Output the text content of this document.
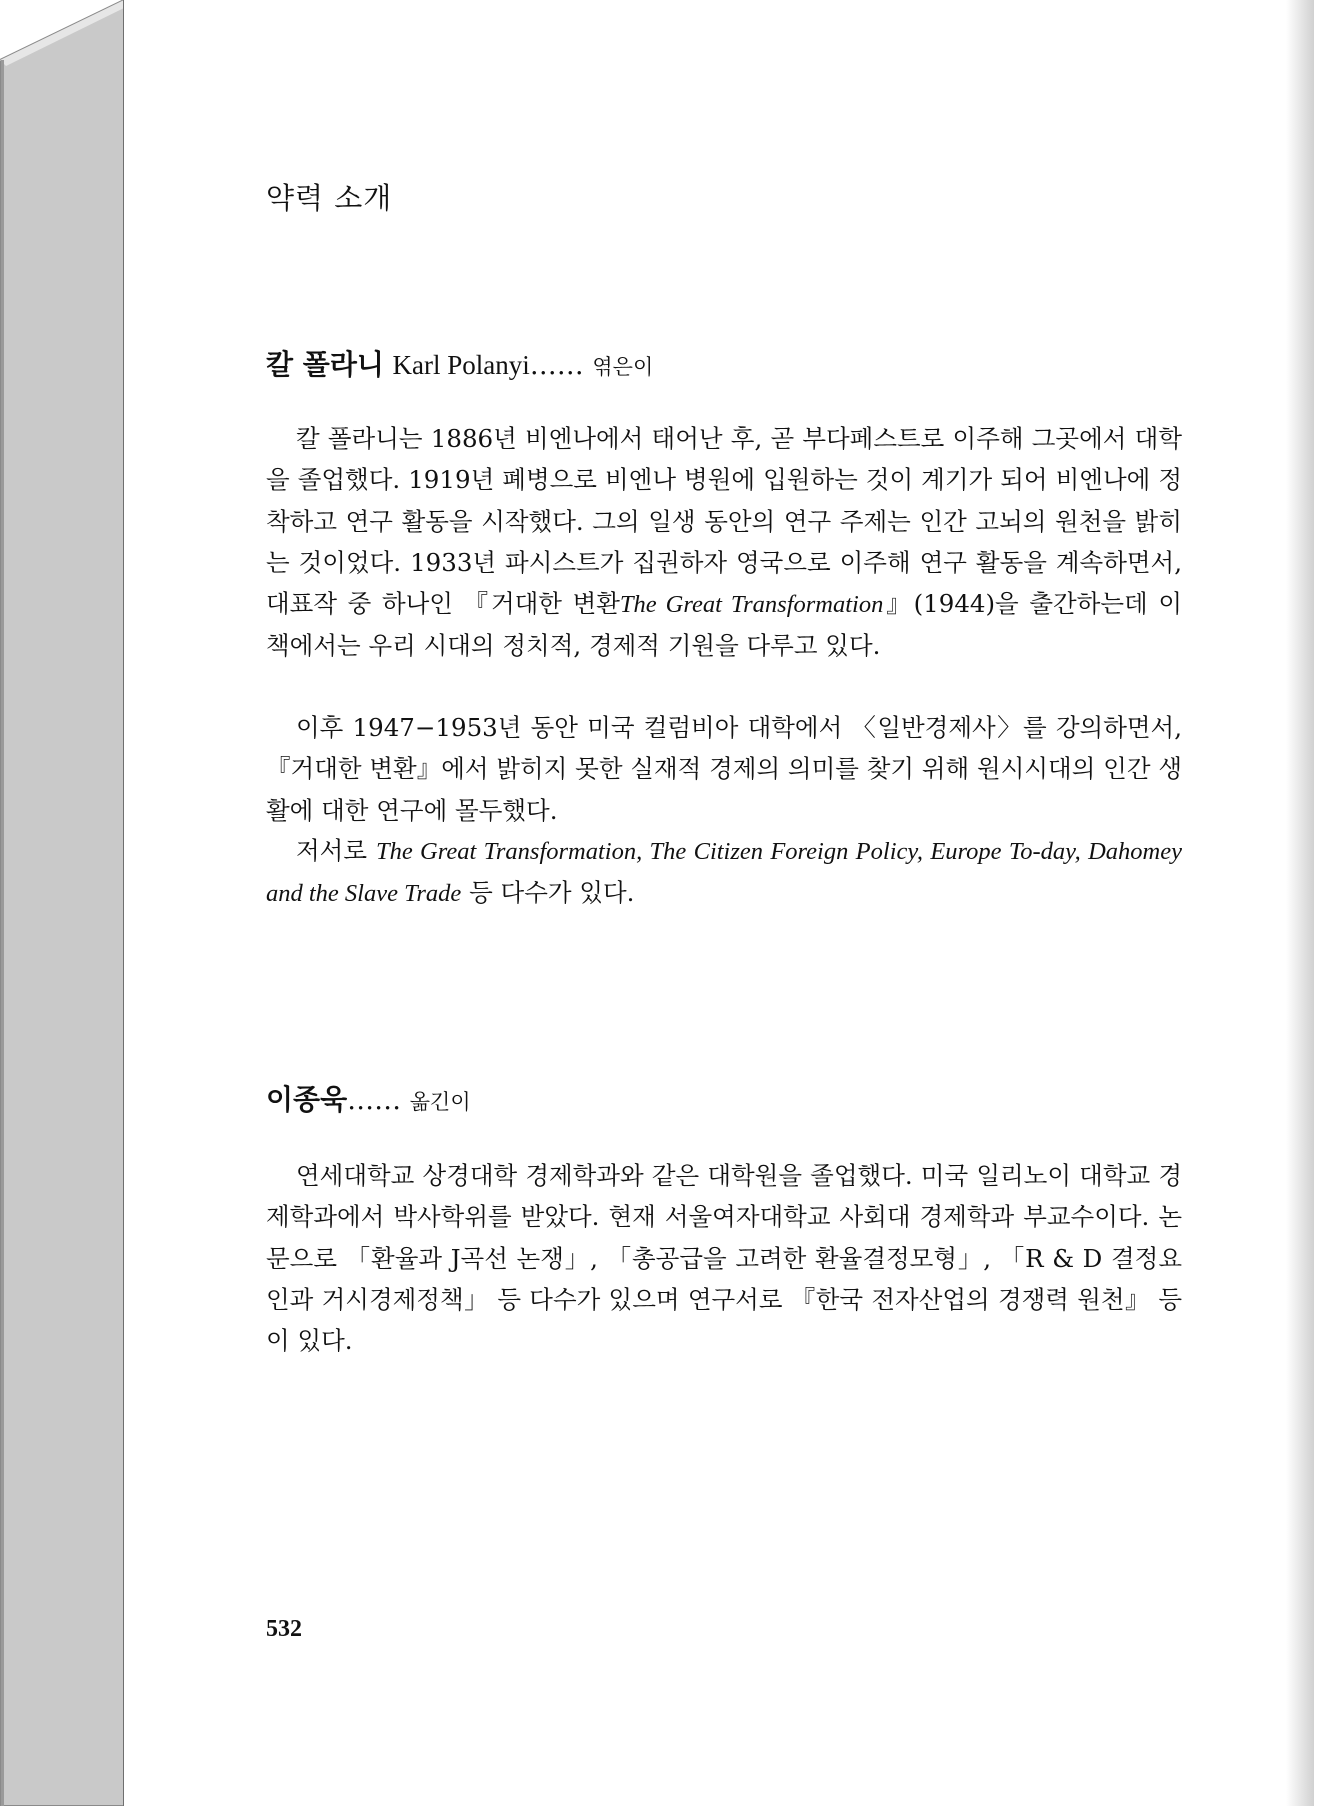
약력 소개
칼 폴라니 Karl Polanyi…… 엮은이

칼 폴라니는 1886년 비엔나에서 태어난 후, 곧 부다페스트로 이주해 그곳에서 대학을 졸업했다. 1919년 폐병으로 비엔나 병원에 입원하는 것이 계기가 되어 비엔나에 정착하고 연구 활동을 시작했다. 그의 일생 동안의 연구 주제는 인간 고뇌의 원천을 밝히는 것이었다. 1933년 파시스트가 집권하자 영국으로 이주해 연구 활동을 계속하면서, 대표작 중 하나인 『거대한 변환The Great Transformation』(1944)을 출간하는데 이 책에서는 우리 시대의 정치적, 경제적 기원을 다루고 있다.

이후 1947−1953년 동안 미국 컬럼비아 대학에서 〈일반경제사〉를 강의하면서, 『거대한 변환』에서 밝히지 못한 실재적 경제의 의미를 찾기 위해 원시시대의 인간 생활에 대한 연구에 몰두했다.

저서로 The Great Transformation, The Citizen Foreign Policy, Europe To-day, Dahomey and the Slave Trade 등 다수가 있다.

이종욱…… 옮긴이

연세대학교 상경대학 경제학과와 같은 대학원을 졸업했다. 미국 일리노이 대학교 경제학과에서 박사학위를 받았다. 현재 서울여자대학교 사회대 경제학과 부교수이다. 논문으로 「환율과 J곡선 논쟁」, 「총공급을 고려한 환율결정모형」, 「R & D 결정요인과 거시경제정책」 등 다수가 있으며 연구서로 『한국 전자산업의 경쟁력 원천』 등이 있다.

532
